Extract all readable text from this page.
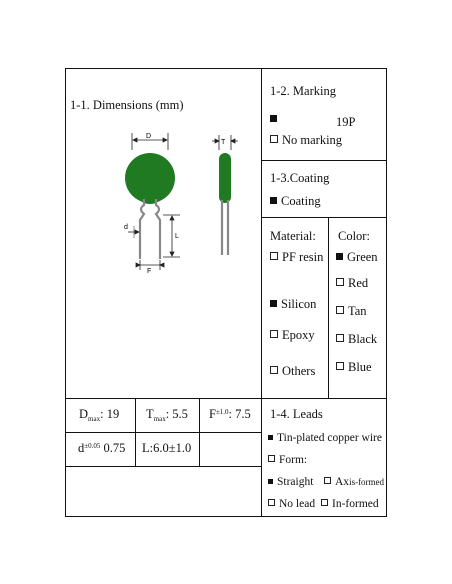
1-1. Dimensions (mm)
D
d
L
F
T
1-2. Marking
19P
No marking
1-3.Coating
Coating
Material:
PF resin
Silicon
Epoxy
Others
Color:
Green
Red
Tan
Black
Blue
$D_{max}$: 19 $T_{max}$: 5.5 $F^{\pm 1.0}$: 7.5
$d^{\pm 0.05}$ 0.75 L:6.0±1.0
1-4. Leads
Tin-plated copper wire
Form:
Straight	Axis-formed
No lead	In-formed
